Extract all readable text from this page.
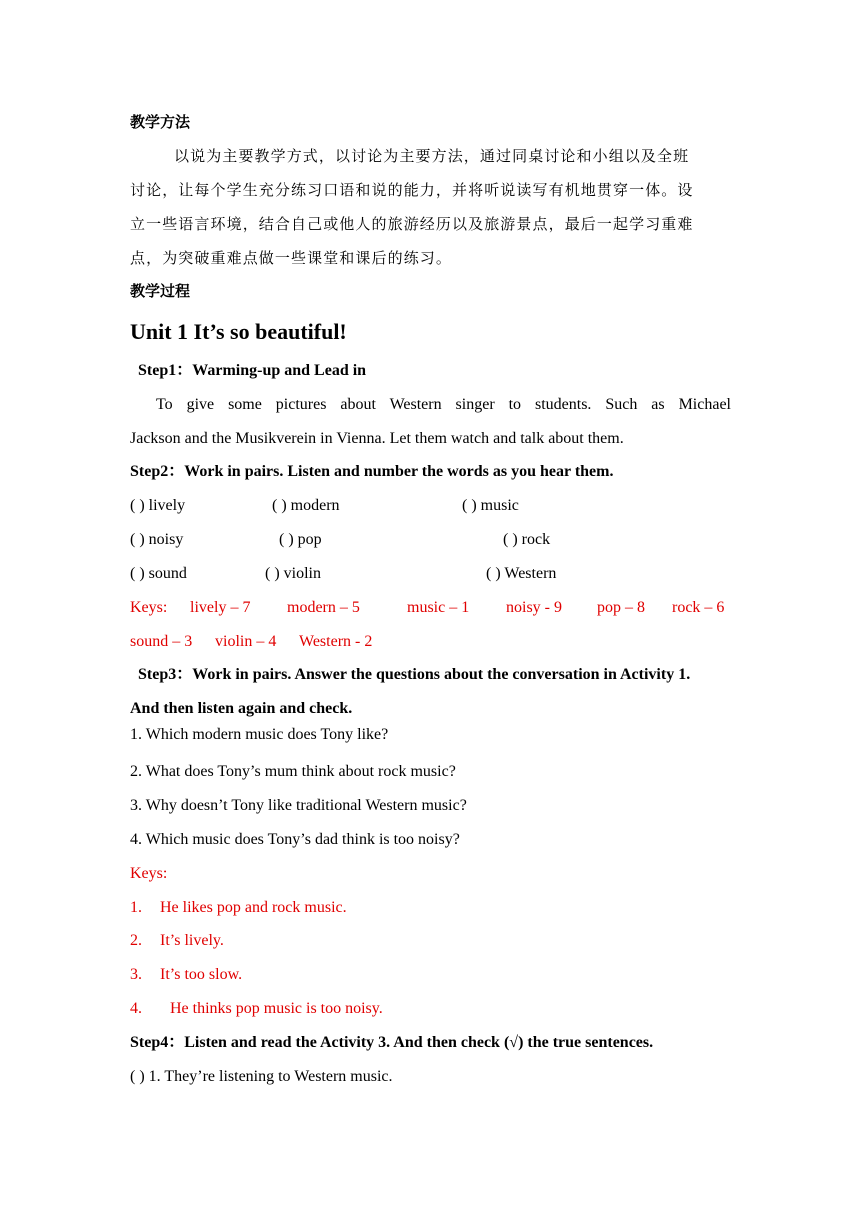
教学方法
以说为主要教学方式，以讨论为主要方法，通过同桌讨论和小组以及全班
讨论，让每个学生充分练习口语和说的能力，并将听说读写有机地贯穿一体。设
立一些语言环境，结合自己或他人的旅游经历以及旅游景点，最后一起学习重难
点，为突破重难点做一些课堂和课后的练习。
教学过程
Unit 1 It’s so beautiful!
Step1：Warming-up and Lead in
To give some pictures about Western singer to students. Such as Michael
Jackson and the Musikverein in Vienna. Let them watch and talk about them.
Step2：Work in pairs. Listen and number the words as you hear them.
( ) lively	( ) modern	( ) music
( ) noisy	( ) pop	( ) rock
( ) sound	( ) violin	( ) Western
Keys: lively – 7 modern – 5	music – 1 noisy - 9 pop – 8 rock – 6
sound – 3 violin – 4 Western - 2
Step3：Work in pairs. Answer the questions about the conversation in Activity 1.
And then listen again and check.
1. Which modern music does Tony like?
2. What does Tony’s mum think about rock music?
3. Why doesn’t Tony like traditional Western music?
4. Which music does Tony’s dad think is too noisy?
Keys:
1. He likes pop and rock music.
2. It’s lively.
3. It’s too slow.
4. He thinks pop music is too noisy.
Step4：Listen and read the Activity 3. And then check (√) the true sentences.
( ) 1. They’re listening to Western music.
